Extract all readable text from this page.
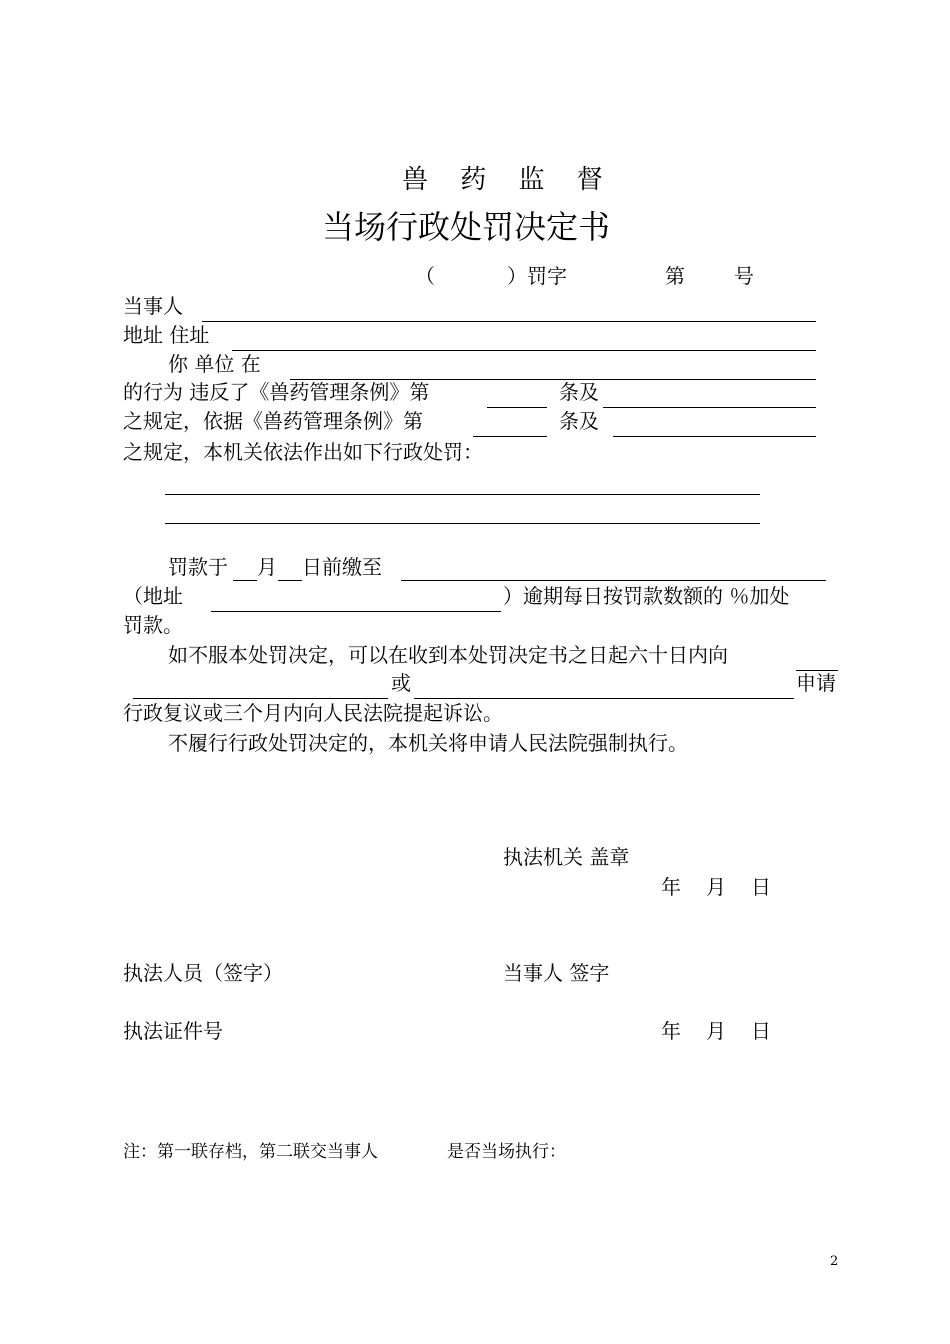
兽 药 监 督
当场行政处罚决定书
（	）罚字	第 号
当事人
地址 住址
你 单位 在
的行为 违反了《兽药管理条例》第	条及
之规定，依据《兽药管理条例》第	条及
之规定，本机关依法作出如下行政处罚：
罚款于 月 日前缴至
（地址	）逾期每日按罚款数额的 ％加处
罚款。
如不服本处罚决定，可以在收到本处罚决定书之日起六十日内向
或	申请
行政复议或三个月内向人民法院提起诉讼。
不履行行政处罚决定的，本机关将申请人民法院强制执行。
执法机关 盖章
年 月 日
执法人员（签字）	当事人 签字
执法证件号	年 月 日
注：第一联存档，第二联交当事人	是否当场执行：
2
